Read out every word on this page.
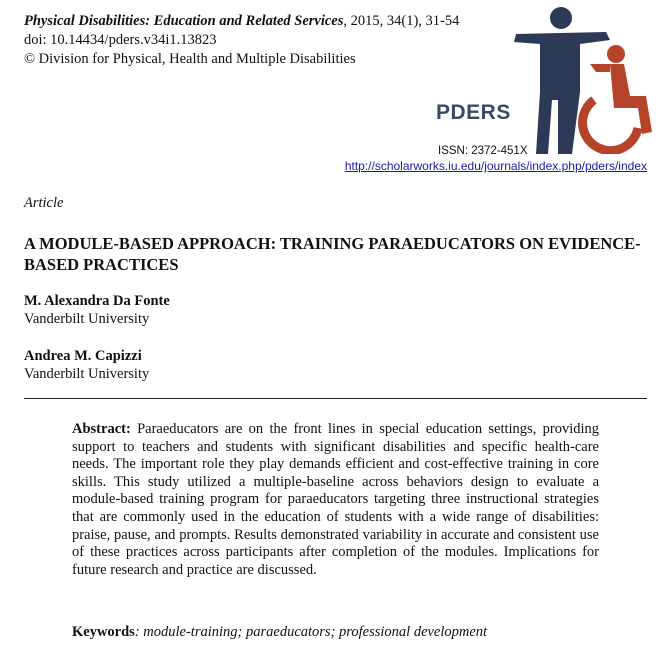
Physical Disabilities: Education and Related Services, 2015, 34(1), 31-54
doi: 10.14434/pders.v34i1.13823
© Division for Physical, Health and Multiple Disabilities
PDERS
ISSN: 2372-451X
http://scholarworks.iu.edu/journals/index.php/pders/index
Article
A MODULE-BASED APPROACH: TRAINING PARAEDUCATORS ON EVIDENCE-BASED PRACTICES
M. Alexandra Da Fonte
Vanderbilt University
Andrea M. Capizzi
Vanderbilt University

Abstract: Paraeducators are on the front lines in special education settings, providing support to teachers and students with significant disabilities and specific health-care needs. The important role they play demands efficient and cost-effective training in core skills. This study utilized a multiple-baseline across behaviors design to evaluate a module-based training program for paraeducators targeting three instructional strategies that are commonly used in the education of students with a wide range of disabilities: praise, pause, and prompts. Results demonstrated variability in accurate and consistent use of these practices across participants after completion of the modules. Implications for future research and practice are discussed.

Keywords: module-training; paraeducators; professional development
